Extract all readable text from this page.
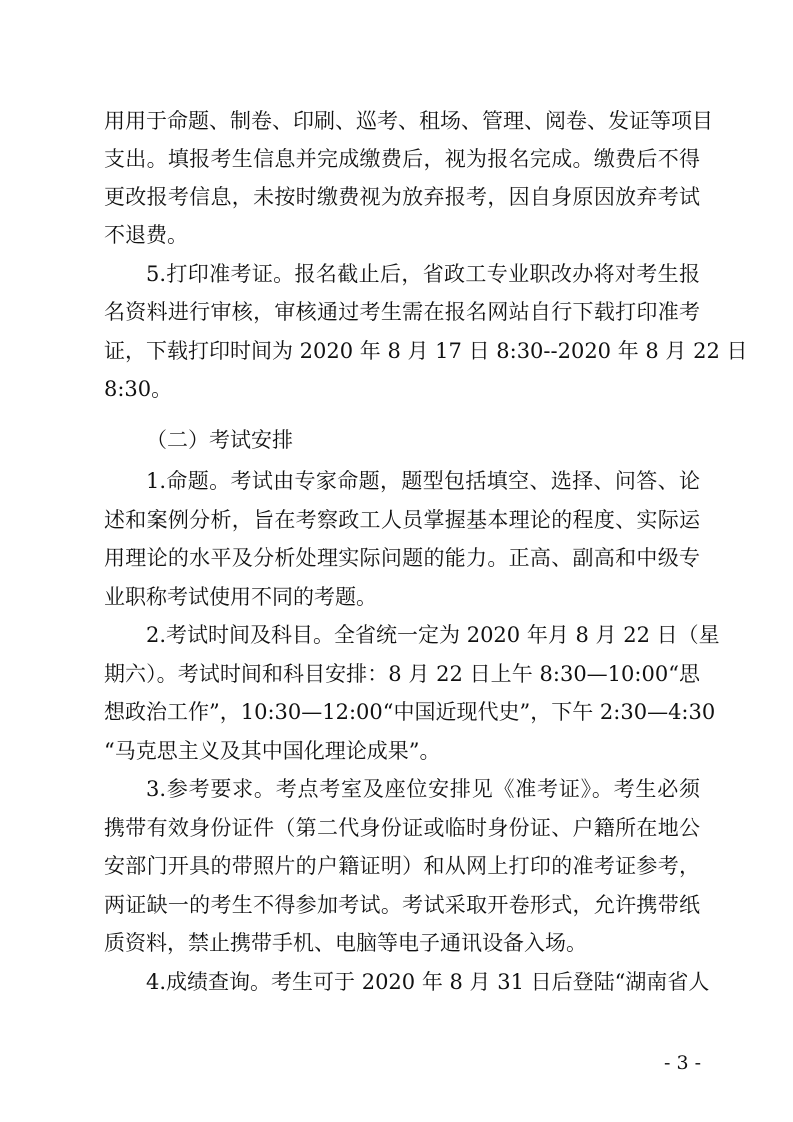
用用于命题、制卷、印刷、巡考、租场、管理、阅卷、发证等项目
支出。填报考生信息并完成缴费后，视为报名完成。缴费后不得
更改报考信息，未按时缴费视为放弃报考，因自身原因放弃考试
不退费。
5.打印准考证。报名截止后，省政工专业职改办将对考生报
名资料进行审核，审核通过考生需在报名网站自行下载打印准考
证，下载打印时间为 2020 年 8 月 17 日 8:30--2020 年 8 月 22 日
8:30。
（二）考试安排
1.命题。考试由专家命题，题型包括填空、选择、问答、论
述和案例分析，旨在考察政工人员掌握基本理论的程度、实际运
用理论的水平及分析处理实际问题的能力。正高、副高和中级专
业职称考试使用不同的考题。
2.考试时间及科目。全省统一定为 2020 年月 8 月 22 日（星
期六）。考试时间和科目安排：8 月 22 日上午 8:30—10:00“思
想政治工作”，10:30—12:00“中国近现代史”，下午 2:30—4:30
“马克思主义及其中国化理论成果”。
3.参考要求。考点考室及座位安排见《准考证》。考生必须
携带有效身份证件（第二代身份证或临时身份证、户籍所在地公
安部门开具的带照片的户籍证明）和从网上打印的准考证参考，
两证缺一的考生不得参加考试。考试采取开卷形式，允许携带纸
质资料，禁止携带手机、电脑等电子通讯设备入场。
4.成绩查询。考生可于 2020 年 8 月 31 日后登陆“湖南省人
- 3 -
